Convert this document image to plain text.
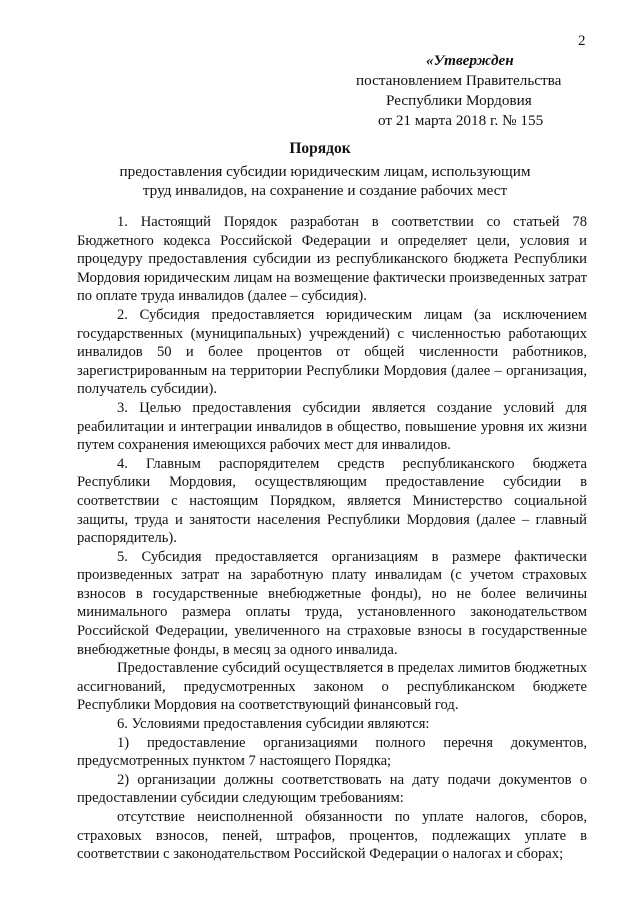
2
«Утвержден
постановлением Правительства
Республики Мордовия
от 21 марта 2018 г. № 155
Порядок
предоставления субсидии юридическим лицам, использующим труд инвалидов, на сохранение и создание рабочих мест

1. Настоящий Порядок разработан в соответствии со статьей 78 Бюджетного кодекса Российской Федерации и определяет цели, условия и процедуру предоставления субсидии из республиканского бюджета Республики Мордовия юридическим лицам на возмещение фактически произведенных затрат по оплате труда инвалидов (далее – субсидия).

2. Субсидия предоставляется юридическим лицам (за исключением государственных (муниципальных) учреждений) с численностью работающих инвалидов 50 и более процентов от общей численности работников, зарегистрированным на территории Республики Мордовия (далее – организация, получатель субсидии).

3. Целью предоставления субсидии является создание условий для реабилитации и интеграции инвалидов в общество, повышение уровня их жизни путем сохранения имеющихся рабочих мест для инвалидов.

4. Главным распорядителем средств республиканского бюджета Республики Мордовия, осуществляющим предоставление субсидии в соответствии с настоящим Порядком, является Министерство социальной защиты, труда и занятости населения Республики Мордовия (далее – главный распорядитель).

5. Субсидия предоставляется организациям в размере фактически произведенных затрат на заработную плату инвалидам (с учетом страховых взносов в государственные внебюджетные фонды), но не более величины минимального размера оплаты труда, установленного законодательством Российской Федерации, увеличенного на страховые взносы в государственные внебюджетные фонды, в месяц за одного инвалида.

Предоставление субсидий осуществляется в пределах лимитов бюджетных ассигнований, предусмотренных законом о республиканском бюджете Республики Мордовия на соответствующий финансовый год.

6. Условиями предоставления субсидии являются:

1) предоставление организациями полного перечня документов, предусмотренных пунктом 7 настоящего Порядка;

2) организации должны соответствовать на дату подачи документов о предоставлении субсидии следующим требованиям:

отсутствие неисполненной обязанности по уплате налогов, сборов, страховых взносов, пеней, штрафов, процентов, подлежащих уплате в соответствии с законодательством Российской Федерации о налогах и сборах;
